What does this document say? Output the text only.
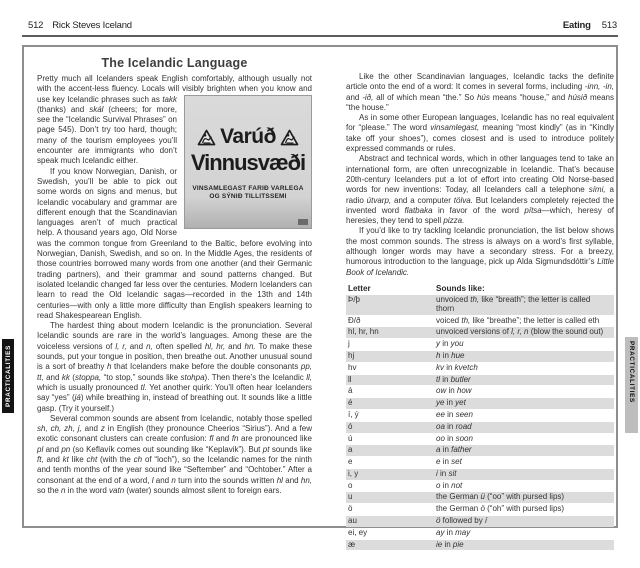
512 Rick Steves Iceland	Eating 513
The Icelandic Language
Varúð
Vinnusvæði
VINSAMLEGAST FARIÐ VARLEGA
OG SÝNIÐ TILLITSSEMI

Pretty much all Icelanders speak English comfortably, although usually not with the accent-less fluency. Locals will visibly brighten when you know and use key Icelandic phrases such as takk (thanks) and skál (cheers; for more, see the “Icelandic Survival Phrases” on page 545). Don’t try too hard, though; many of the tourism employees you’ll encounter are immigrants who don’t speak much Icelandic either.

If you know Norwegian, Danish, or Swedish, you’ll be able to pick out some words on signs and menus, but Icelandic vocabulary and grammar are different enough that the Scandinavian languages aren’t of much practical help. A thousand years ago, Old Norse was the common tongue from Greenland to the Baltic, before evolving into Norwegian, Danish, Swedish, and so on. In the Middle Ages, the residents of those countries borrowed many words from one another (and their Germanic trading partners), and their grammar and sound patterns changed. But isolated Icelandic changed far less over the centuries. Modern Icelanders can learn to read the Old Icelandic sagas—recorded in the 13th and 14th centuries—with only a little more difficulty than English speakers learning to read Shakespearean English.

The hardest thing about modern Icelandic is the pronunciation. Several Icelandic sounds are rare in the world’s languages. Among these are the voiceless versions of l, r, and n, often spelled hl, hr, and hn. To make these sounds, put your tongue in position, then breathe out. Another unusual sound is a sort of breathy h that Icelanders make before the double consonants pp, tt, and kk (stoppa, “to stop,” sounds like stohpa). Then there’s the Icelandic ll, which is usually pronounced tl. Yet another quirk: You’ll often hear Icelanders say “yes” (já) while breathing in, instead of breathing out. It sounds like a little gasp. (Try it yourself.)

Several common sounds are absent from Icelandic, notably those spelled sh, ch, zh, j, and z in English (they pronounce Cheerios “Sirius”). And a few exotic consonant clusters can create confusion: fl and fn are pronounced like pl and pn (so Keflavík comes out sounding like “Keplavik”). But pt sounds like ft, and kt like cht (with the ch of “loch”), so the Icelandic names for the ninth and tenth months of the year sound like “Seftember” and “Ochtober.” After a consonant at the end of a word, l and n turn into the sounds written hl and hn, so the n in the word vatn (water) sounds almost silent to foreign ears.

Like the other Scandinavian languages, Icelandic tacks the definite article onto the end of a word: It comes in several forms, including -inn, -in, and -ið, all of which mean “the.” So hús means “house,” and húsið means “the house.”

As in some other European languages, Icelandic has no real equivalent for “please.” The word vinsamlegast, meaning “most kindly” (as in “Kindly take off your shoes”), comes closest and is used to introduce politely expressed commands or rules.

Abstract and technical words, which in other languages tend to take an international form, are often unrecognizable in Icelandic. That’s because 20th-century Icelanders put a lot of effort into creating Old Norse-based words for new inventions: Today, all Icelanders call a telephone sími, a radio útvarp, and a computer tölva. But Icelanders completely rejected the invented word flatbaka in favor of the word pítsa—which, heresy of heresies, they tend to spell pizza.

If you’d like to try tackling Icelandic pronunciation, the list below shows the most common sounds. The stress is always on a word’s first syllable, although longer words may have a secondary stress. For a breezy, humorous introduction to the language, pick up Alda Sigmundsdóttir’s Little Book of Icelandic.

Letter	Sounds like:
Þ/þ	unvoiced th, like “breath”; the letter is called thorn
Ð/ð	voiced th, like “breathe”; the letter is called eth
hl, hr, hn	unvoiced versions of l, r, n (blow the sound out)
j	y in you
hj	h in hue
hv	kv in kvetch
ll	tl in butler
á	ow in how
é	ye in yet
í, ý	ee in seen
ó	oa in road
ú	oo in soon
a	a in father
e	e in set
i, y	i in sit
o	o in not
u	the German ü (“oo” with pursed lips)
ö	the German ö (“oh” with pursed lips)
au	ö followed by í
ei, ey	ay in may
æ	ie in pie
PRACTICALITIES	PRACTICALITIES
